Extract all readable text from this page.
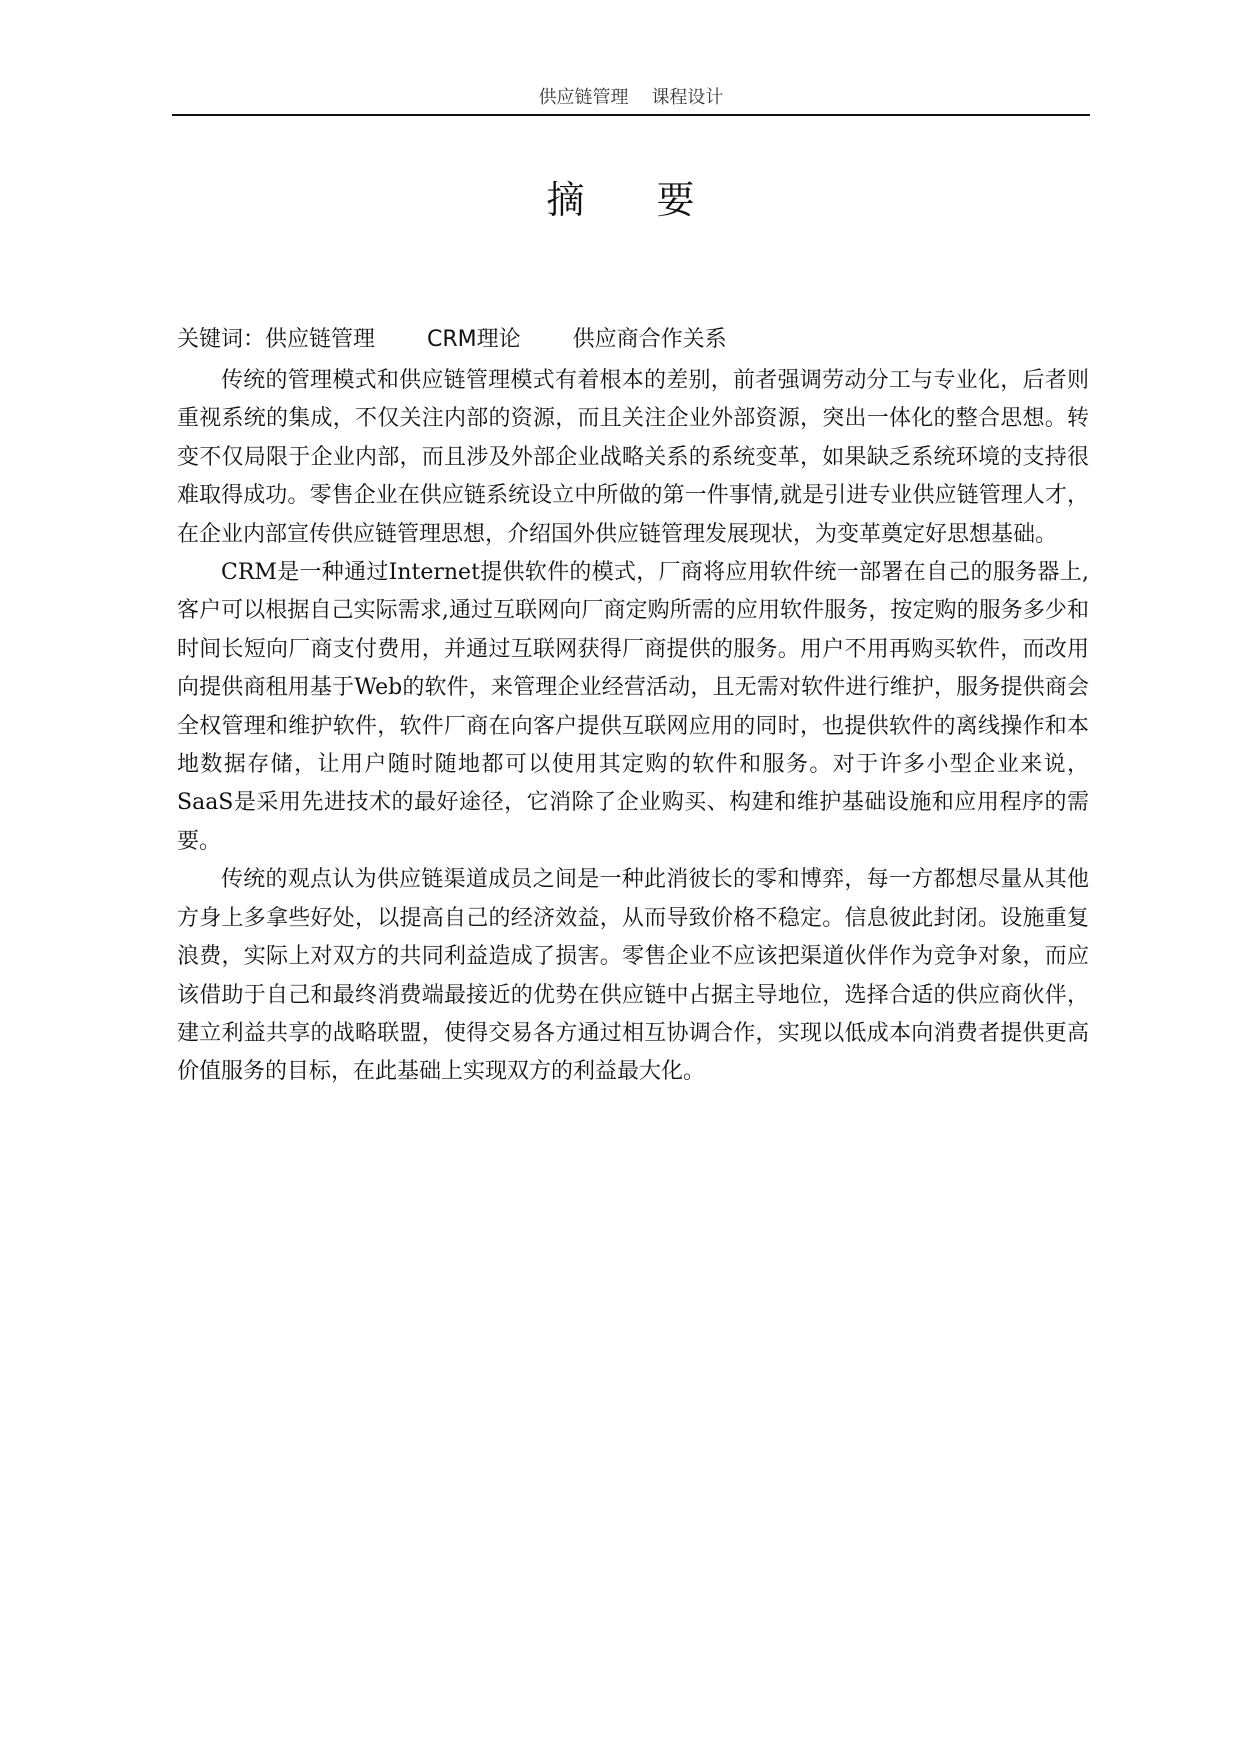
供应链管理 课程设计
摘 要
关键词：供应链管理 CRM理论 供应商合作关系

传统的管理模式和供应链管理模式有着根本的差别，前者强调劳动分工与专业化，后者则重视系统的集成，不仅关注内部的资源，而且关注企业外部资源，突出一体化的整合思想。转变不仅局限于企业内部，而且涉及外部企业战略关系的系统变革，如果缺乏系统环境的支持很难取得成功。零售企业在供应链系统设立中所做的第一件事情,就是引进专业供应链管理人才，在企业内部宣传供应链管理思想，介绍国外供应链管理发展现状，为变革奠定好思想基础。

CRM是一种通过Internet提供软件的模式，厂商将应用软件统一部署在自己的服务器上,客户可以根据自己实际需求,通过互联网向厂商定购所需的应用软件服务，按定购的服务多少和时间长短向厂商支付费用，并通过互联网获得厂商提供的服务。用户不用再购买软件，而改用向提供商租用基于Web的软件，来管理企业经营活动，且无需对软件进行维护，服务提供商会全权管理和维护软件，软件厂商在向客户提供互联网应用的同时，也提供软件的离线操作和本地数据存储，让用户随时随地都可以使用其定购的软件和服务。对于许多小型企业来说，SaaS是采用先进技术的最好途径，它消除了企业购买、构建和维护基础设施和应用程序的需要。

传统的观点认为供应链渠道成员之间是一种此消彼长的零和博弈，每一方都想尽量从其他方身上多拿些好处，以提高自己的经济效益，从而导致价格不稳定。信息彼此封闭。设施重复浪费，实际上对双方的共同利益造成了损害。零售企业不应该把渠道伙伴作为竞争对象，而应该借助于自己和最终消费端最接近的优势在供应链中占据主导地位，选择合适的供应商伙伴，建立利益共享的战略联盟，使得交易各方通过相互协调合作，实现以低成本向消费者提供更高价值服务的目标，在此基础上实现双方的利益最大化。
